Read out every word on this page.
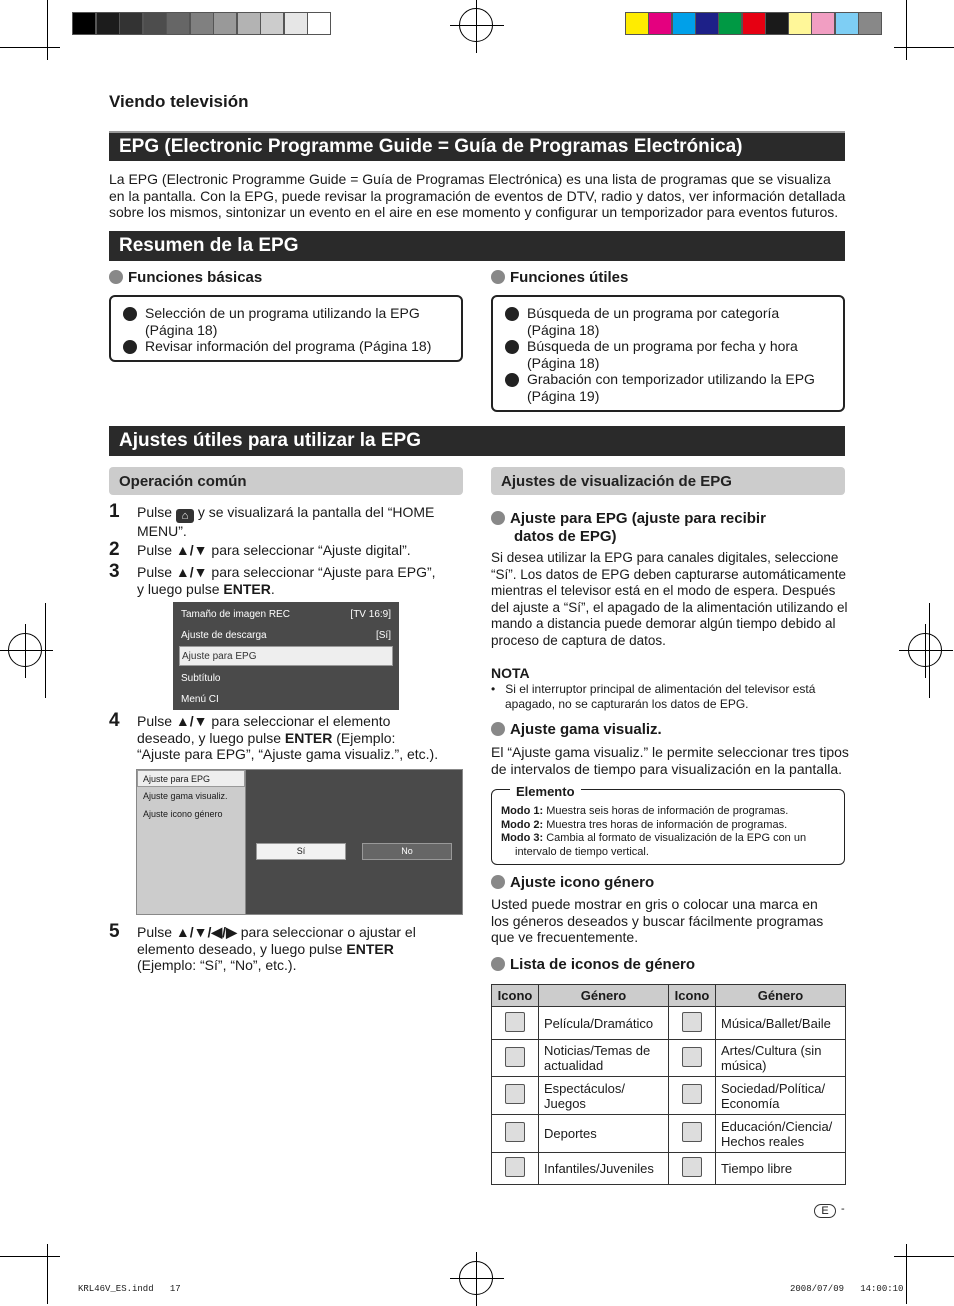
Viendo televisión
EPG (Electronic Programme Guide = Guía de Programas Electrónica)
La EPG (Electronic Programme Guide = Guía de Programas Electrónica) es una lista de programas que se visualiza
en la pantalla. Con la EPG, puede revisar la programación de eventos de DTV, radio y datos, ver información detallada
sobre los mismos, sintonizar un evento en el aire en ese momento y configurar un temporizador para eventos futuros.
Resumen de la EPG
Funciones básicas
Selección de un programa utilizando la EPG
(Página 18)
Revisar información del programa (Página 18)
Funciones útiles
Búsqueda de un programa por categoría
(Página 18)
Búsqueda de un programa por fecha y hora
(Página 18)
Grabación con temporizador utilizando la EPG
(Página 19)
Ajustes útiles para utilizar la EPG
Operación común
1 Pulse ⌂ y se visualizará la pantalla del “HOME
MENU”.
2 Pulse ▲/▼ para seleccionar “Ajuste digital”.
3 Pulse ▲/▼ para seleccionar “Ajuste para EPG”,
y luego pulse ENTER.
Tamaño de imagen REC	[TV 16:9]
Ajuste de descarga	[Sí]
Ajuste para EPG
Subtítulo
Menú CI
4 Pulse ▲/▼ para seleccionar el elemento
deseado, y luego pulse ENTER (Ejemplo:
“Ajuste para EPG”, “Ajuste gama visualiz.”, etc.).
Ajuste para EPG
Ajuste gama visualiz.
Ajuste icono género
Sí	No
5 Pulse ▲/▼/◀/▶ para seleccionar o ajustar el
elemento deseado, y luego pulse ENTER
(Ejemplo: “Sí”, “No”, etc.).
Ajustes de visualización de EPG
Ajuste para EPG (ajuste para recibir
datos de EPG)
Si desea utilizar la EPG para canales digitales, seleccione
“Sí”. Los datos de EPG deben capturarse automáticamente
mientras el televisor está en el modo de espera. Después
del ajuste a “Sí”, el apagado de la alimentación utilizando el
mando a distancia puede demorar algún tiempo debido al
proceso de captura de datos.
NOTA
•   Si el interruptor principal de alimentación del televisor está
apagado, no se capturarán los datos de EPG.
Ajuste gama visualiz.
El “Ajuste gama visualiz.” le permite seleccionar tres tipos
de intervalos de tiempo para visualización en la pantalla.
Elemento
Modo 1: Muestra seis horas de información de programas.
Modo 2: Muestra tres horas de información de programas.
Modo 3: Cambia al formato de visualización de la EPG con un
intervalo de tiempo vertical.
Ajuste icono género
Usted puede mostrar en gris o colocar una marca en
los géneros deseados y buscar fácilmente programas
que ve frecuentemente.
Lista de iconos de género
Icono	Género	Icono	Género
	Película/Dramático		Música/Ballet/Baile
	Noticias/Temas de actualidad		Artes/Cultura (sin música)
	Espectáculos/ Juegos		Sociedad/Política/ Economía
	Deportes		Educación/Ciencia/ Hechos reales
	Infantiles/Juveniles		Tiempo libre
E	-
KRL46V_ES.indd   17	2008/07/09   14:00:10
